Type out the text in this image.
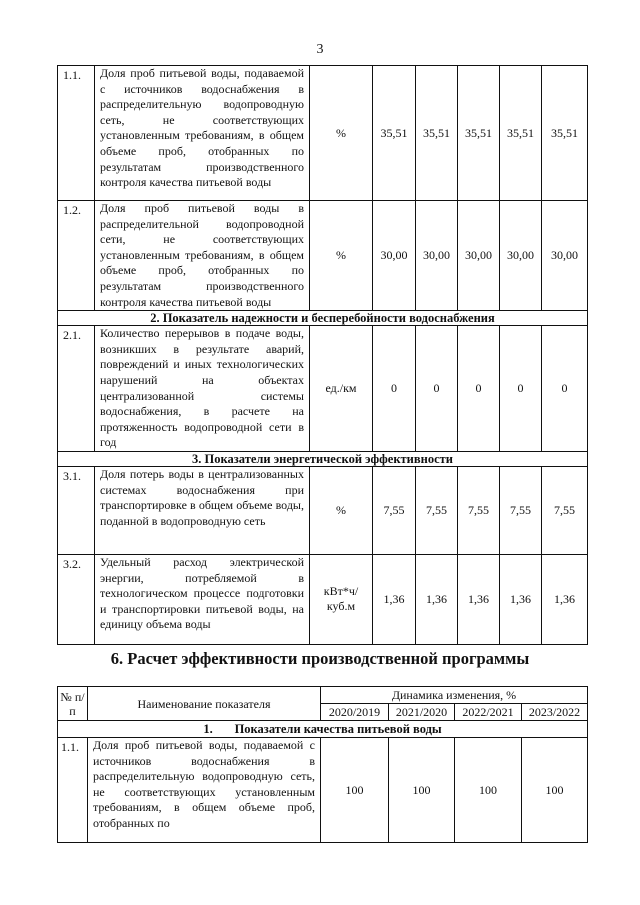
3
1.1.	Доля проб питьевой воды, подаваемой с источников водоснабжения в распределительную водопроводную сеть, не соответствующих установленным требованиям, в общем объеме проб, отобранных по результатам производственного контроля качества питьевой воды	%	35,51	35,51	35,51	35,51	35,51
1.2.	Доля проб питьевой воды в распределительной водопроводной сети, не соответствующих установленным требованиям, в общем объеме проб, отобранных по результатам производственного контроля качества питьевой воды	%	30,00	30,00	30,00	30,00	30,00
2. Показатель надежности и бесперебойности водоснабжения							
2.1.	Количество перерывов в подаче воды, возникших в результате аварий, повреждений и иных технологических нарушений на объектах централизованной системы водоснабжения, в расчете на протяженность водопроводной сети в год	ед./км	0	0	0	0	0
3. Показатели энергетической эффективности							
3.1.	Доля потерь воды в централизованных системах водоснабжения при транспортировке в общем объеме воды, поданной в водопроводную сеть	%	7,55	7,55	7,55	7,55	7,55
3.2.	Удельный расход электрической энергии, потребляемой в технологическом процессе подготовки и транспортировки питьевой воды, на единицу объема воды	кВт*ч/ куб.м	1,36	1,36	1,36	1,36	1,36
6. Расчет эффективности производственной программы
№ п/п	Наименование показателя	Динамика изменения, %			
		2020/2019	2021/2020	2022/2021	2023/2022
1.       Показатели качества питьевой воды					
1.1.	Доля проб питьевой воды, подаваемой с источников водоснабжения в распределительную водопроводную сеть, не соответствующих установленным требованиям, в общем объеме проб, отобранных по	100	100	100	100
